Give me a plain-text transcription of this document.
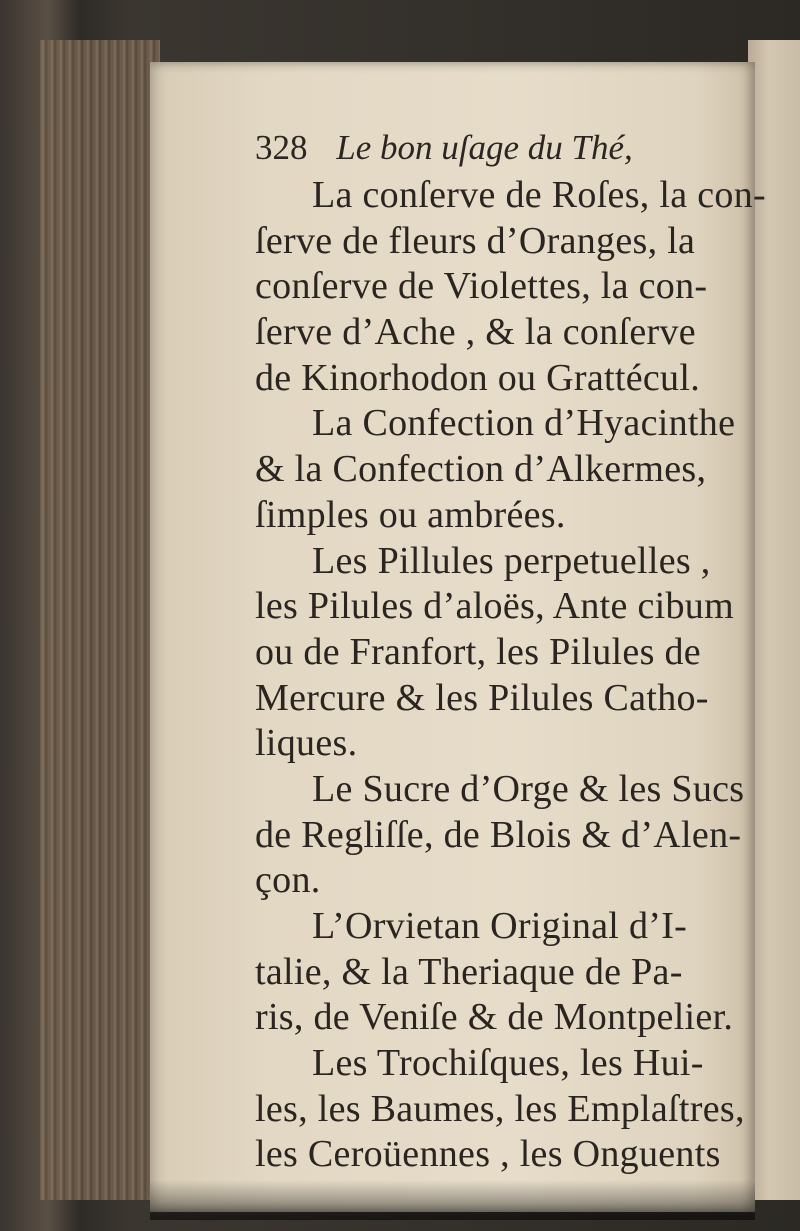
328 Le bon uſage du Thé,
La conſerve de Roſes, la con-
ſerve de fleurs d’Oranges, la
conſerve de Violettes, la con-
ſerve d’Ache , & la conſerve
de Kinorhodon ou Grattécul.
La Confection d’Hyacinthe
& la Confection d’Alkermes,
ſimples ou ambrées.
Les Pillules perpetuelles ,
les Pilules d’aloës, Ante cibum
ou de Franfort, les Pilules de
Mercure & les Pilules Catho-
liques.
Le Sucre d’Orge & les Sucs
de Regliſſe, de Blois & d’Alen-
çon.
L’Orvietan Original d’I-
talie, & la Theriaque de Pa-
ris, de Veniſe & de Montpelier.
Les Trochiſques, les Hui-
les, les Baumes, les Emplaſtres,
les Ceroüennes , les Onguents
